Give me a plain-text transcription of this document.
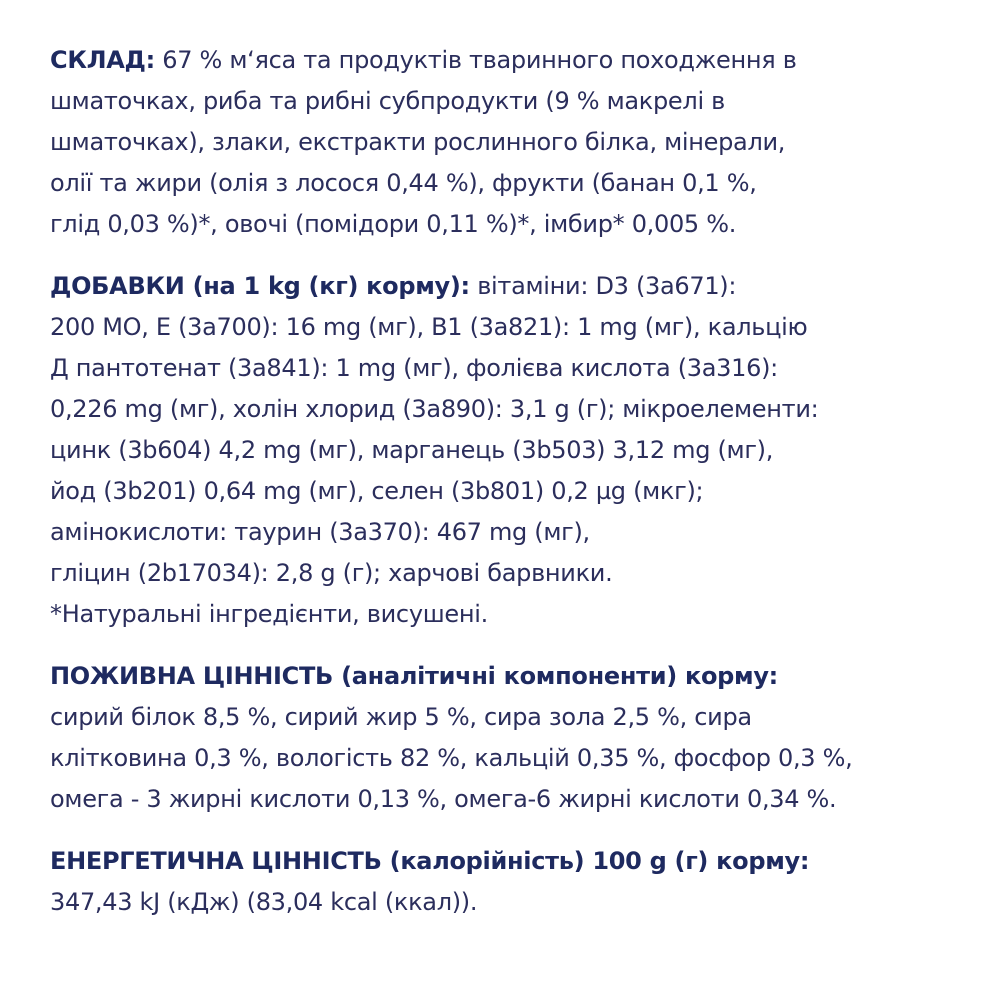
СКЛАД: 67 % м‘яса та продуктів тваринного походження в
шматочках, риба та рибні субпродукти (9 % макрелі в
шматочках), злаки, екстракти рослинного білка, мінерали,
олії та жири (олія з лосося 0,44 %), фрукти (банан 0,1 %,
глід 0,03 %)*, овочі (помідори 0,11 %)*, імбир* 0,005 %.
ДОБАВКИ (на 1 kg (кг) корму): вітаміни: D3 (3а671):
200 МО, Е (3а700): 16 mg (мг), В1 (3а821): 1 mg (мг), кальцію
Д пантотенат (3а841): 1 mg (мг), фолієва кислота (3а316):
0,226 mg (мг), холін хлорид (3а890): 3,1 g (г); мікроелементи:
цинк (3b604) 4,2 mg (мг), марганець (3b503) 3,12 mg (мг),
йод (3b201) 0,64 mg (мг), селен (3b801) 0,2 µg (мкг);
амінокислоти: таурин (3а370): 467 mg (мг),
гліцин (2b17034): 2,8 g (г); харчові барвники.
*Натуральні інгредієнти, висушені.
ПОЖИВНА ЦІННІСТЬ (аналітичні компоненти) корму:
сирий білок 8,5 %, сирий жир 5 %, сира зола 2,5 %, сира
клітковина 0,3 %, вологість 82 %, кальцій 0,35 %, фосфор 0,3 %,
омега - 3 жирні кислоти 0,13 %, омега-6 жирні кислоти 0,34 %.
ЕНЕРГЕТИЧНА ЦІННІСТЬ (калорійність) 100 g (г) корму:
347,43 kJ (кДж) (83,04 kcal (ккал)).
